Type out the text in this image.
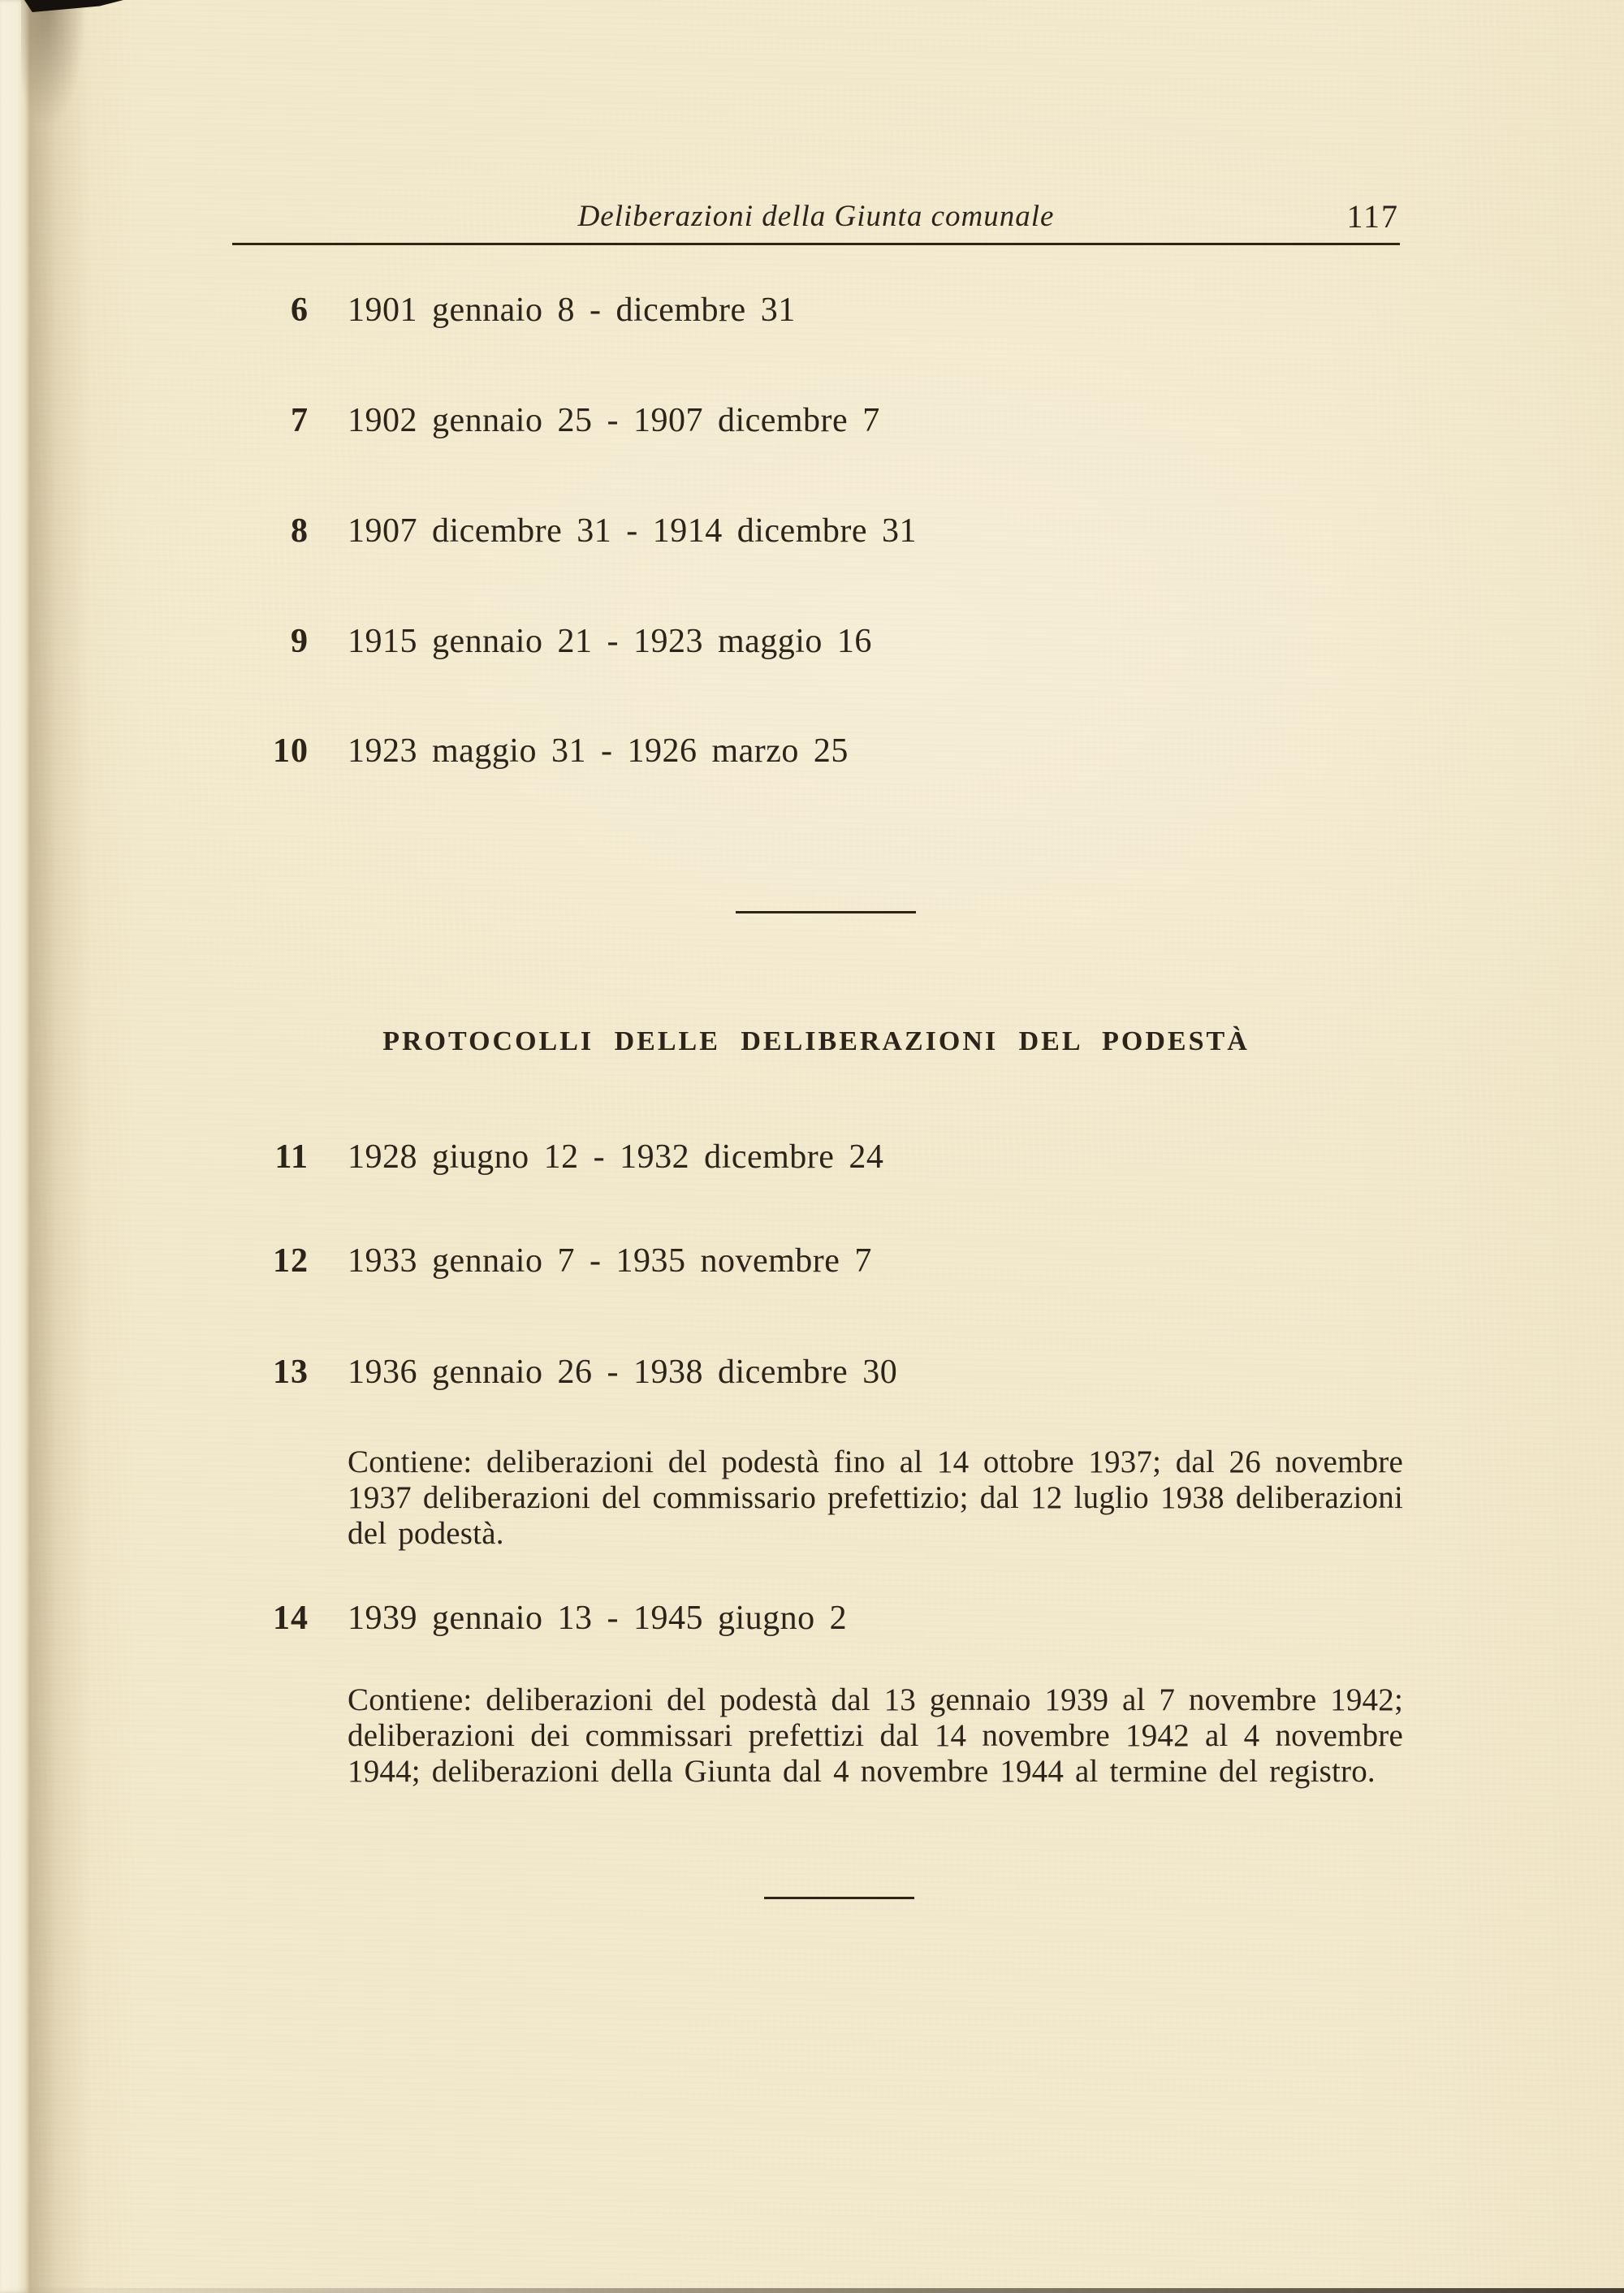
Deliberazioni della Giunta comunale	117
6 1901 gennaio 8 - dicembre 31
7 1902 gennaio 25 - 1907 dicembre 7
8 1907 dicembre 31 - 1914 dicembre 31
9 1915 gennaio 21 - 1923 maggio 16
10 1923 maggio 31 - 1926 marzo 25
PROTOCOLLI DELLE DELIBERAZIONI DEL PODESTÀ
11 1928 giugno 12 - 1932 dicembre 24
12 1933 gennaio 7 - 1935 novembre 7
13 1936 gennaio 26 - 1938 dicembre 30

Contiene: deliberazioni del podestà fino al 14 ottobre 1937; dal 26 novembre 1937 deliberazioni del commissario prefettizio; dal 12 luglio 1938 deliberazioni del podestà.

14 1939 gennaio 13 - 1945 giugno 2

Contiene: deliberazioni del podestà dal 13 gennaio 1939 al 7 novembre 1942; deliberazioni dei commissari prefettizi dal 14 novembre 1942 al 4 novembre 1944; deliberazioni della Giunta dal 4 novembre 1944 al termine del registro.
